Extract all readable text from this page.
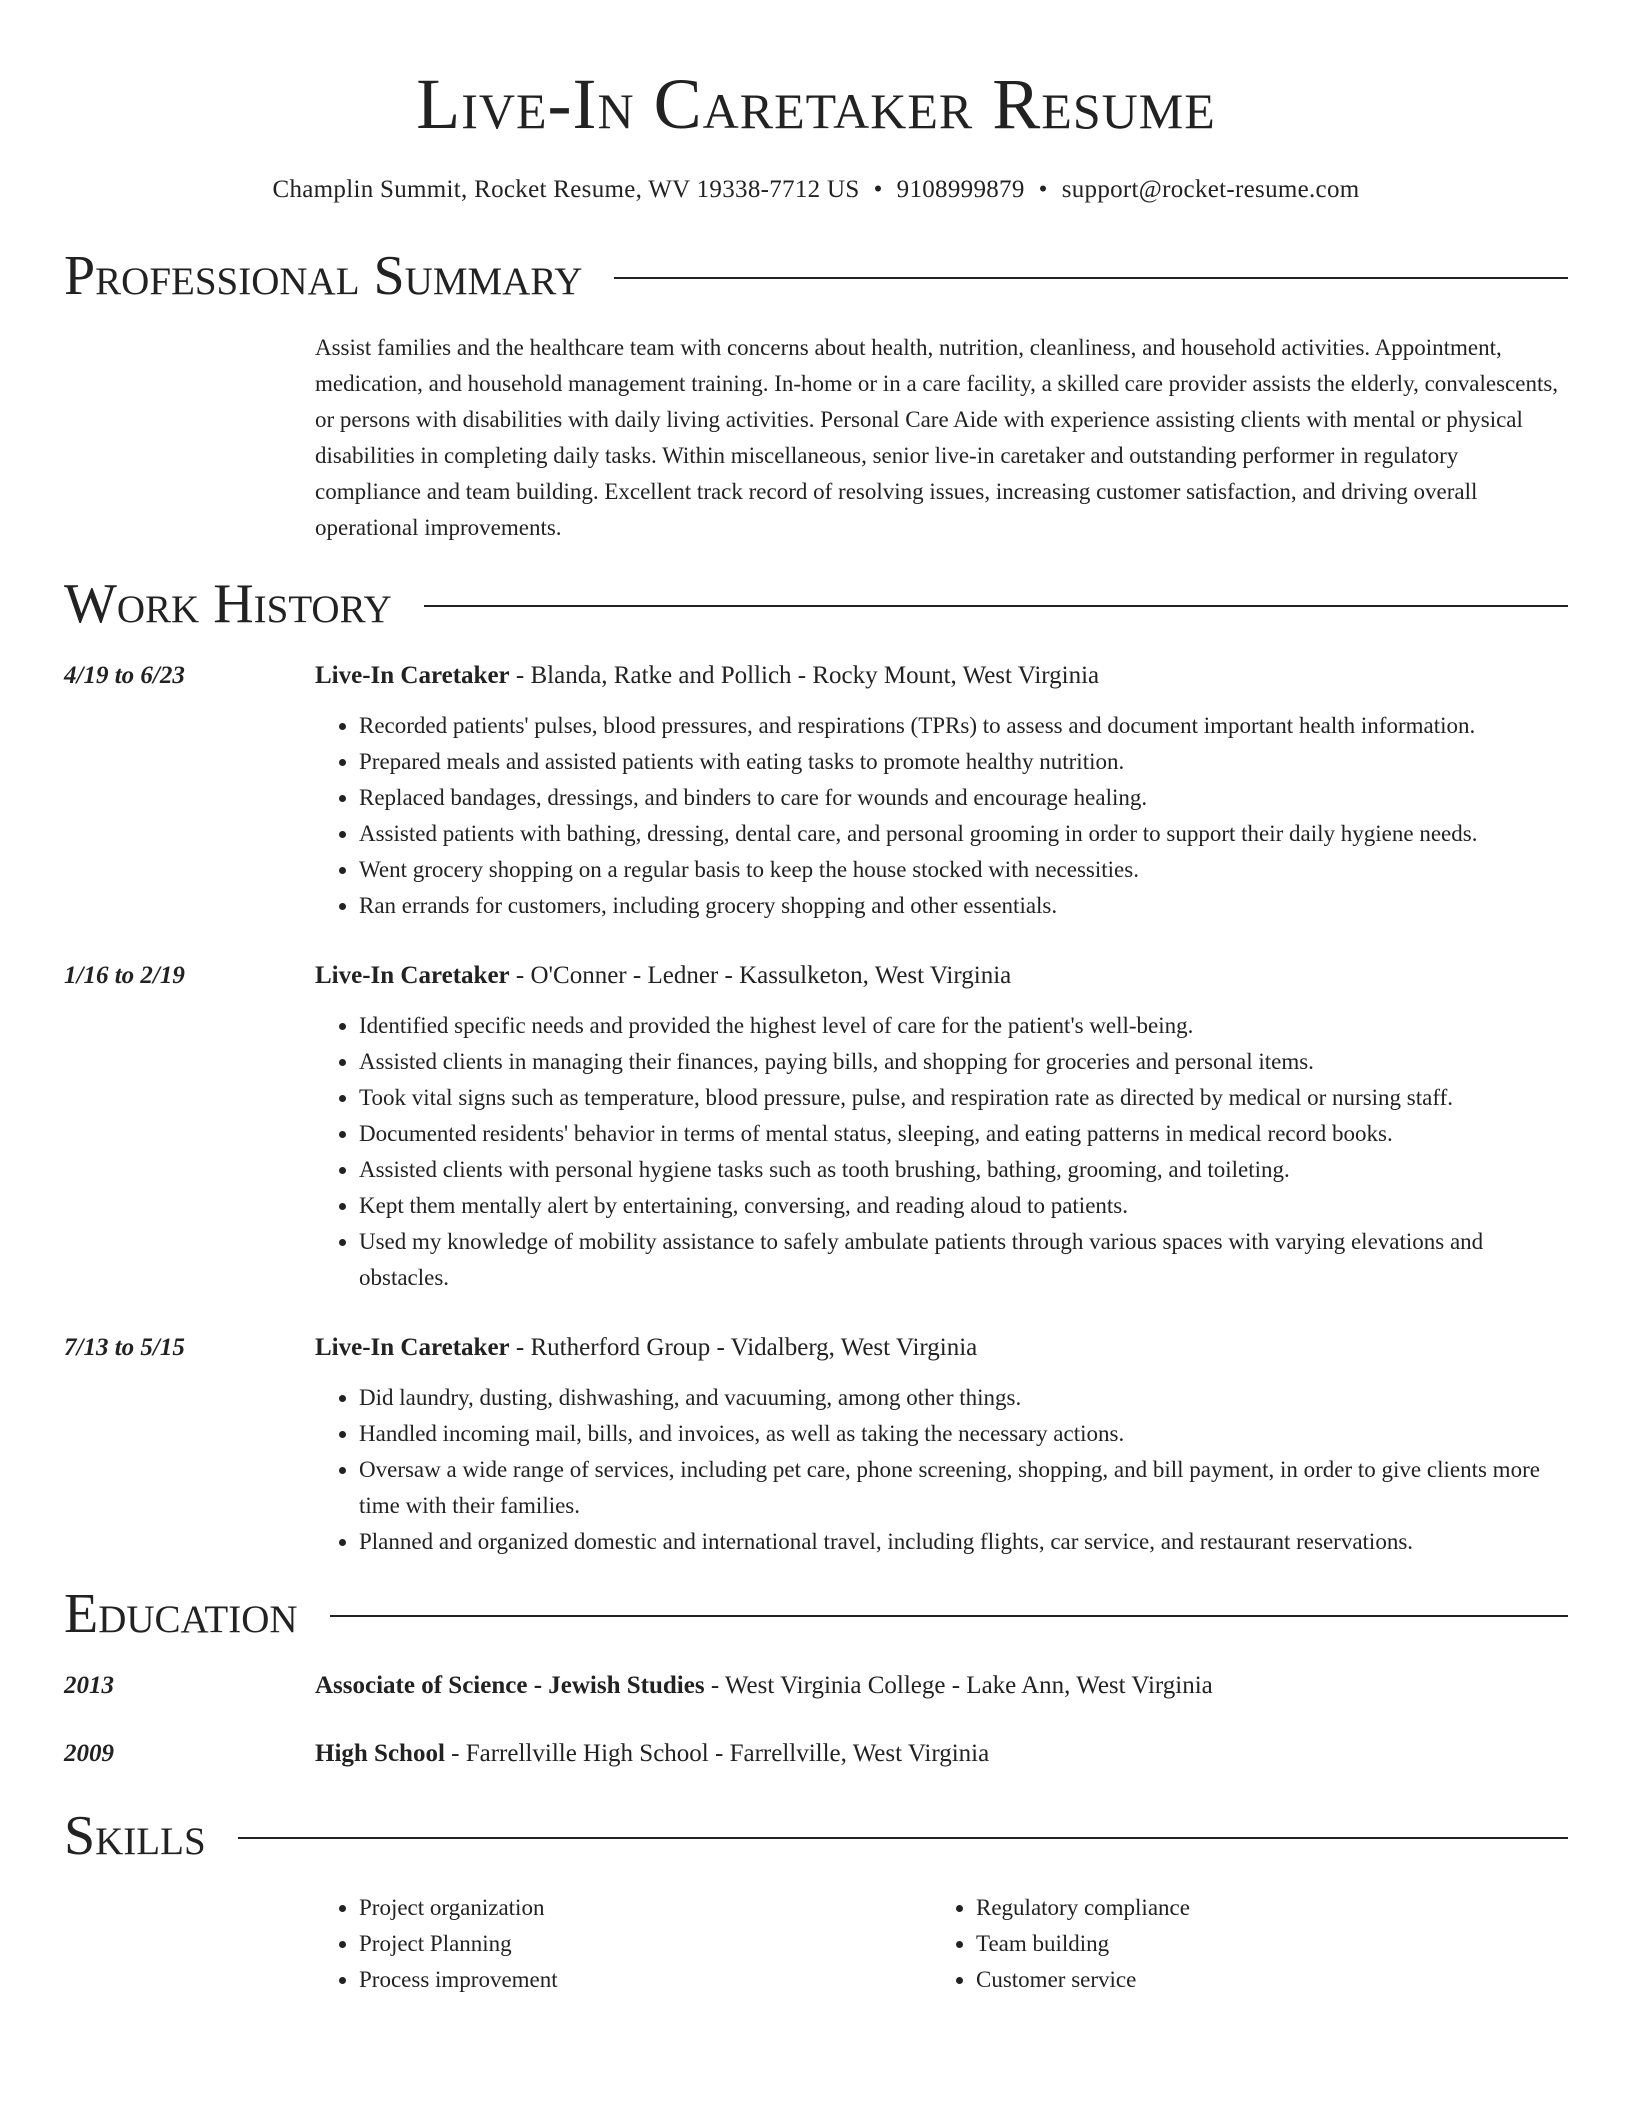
Live-In Caretaker Resume
Champlin Summit, Rocket Resume, WV 19338-7712 US • 9108999879 • support@rocket-resume.com
Professional Summary
Assist families and the healthcare team with concerns about health, nutrition, cleanliness, and household activities. Appointment, medication, and household management training. In-home or in a care facility, a skilled care provider assists the elderly, convalescents, or persons with disabilities with daily living activities. Personal Care Aide with experience assisting clients with mental or physical disabilities in completing daily tasks. Within miscellaneous, senior live-in caretaker and outstanding performer in regulatory compliance and team building. Excellent track record of resolving issues, increasing customer satisfaction, and driving overall operational improvements.
Work History
4/19 to 6/23	Live-In Caretaker - Blanda, Ratke and Pollich - Rocky Mount, West Virginia
• Recorded patients' pulses, blood pressures, and respirations (TPRs) to assess and document important health information.
• Prepared meals and assisted patients with eating tasks to promote healthy nutrition.
• Replaced bandages, dressings, and binders to care for wounds and encourage healing.
• Assisted patients with bathing, dressing, dental care, and personal grooming in order to support their daily hygiene needs.
• Went grocery shopping on a regular basis to keep the house stocked with necessities.
• Ran errands for customers, including grocery shopping and other essentials.
1/16 to 2/19	Live-In Caretaker - O'Conner - Ledner - Kassulketon, West Virginia
• Identified specific needs and provided the highest level of care for the patient's well-being.
• Assisted clients in managing their finances, paying bills, and shopping for groceries and personal items.
• Took vital signs such as temperature, blood pressure, pulse, and respiration rate as directed by medical or nursing staff.
• Documented residents' behavior in terms of mental status, sleeping, and eating patterns in medical record books.
• Assisted clients with personal hygiene tasks such as tooth brushing, bathing, grooming, and toileting.
• Kept them mentally alert by entertaining, conversing, and reading aloud to patients.
• Used my knowledge of mobility assistance to safely ambulate patients through various spaces with varying elevations and obstacles.
7/13 to 5/15	Live-In Caretaker - Rutherford Group - Vidalberg, West Virginia
• Did laundry, dusting, dishwashing, and vacuuming, among other things.
• Handled incoming mail, bills, and invoices, as well as taking the necessary actions.
• Oversaw a wide range of services, including pet care, phone screening, shopping, and bill payment, in order to give clients more time with their families.
• Planned and organized domestic and international travel, including flights, car service, and restaurant reservations.
Education
2013	Associate of Science - Jewish Studies - West Virginia College - Lake Ann, West Virginia
2009	High School - Farrellville High School - Farrellville, West Virginia
Skills
• Project organization
• Project Planning
• Process improvement
• Regulatory compliance
• Team building
• Customer service
